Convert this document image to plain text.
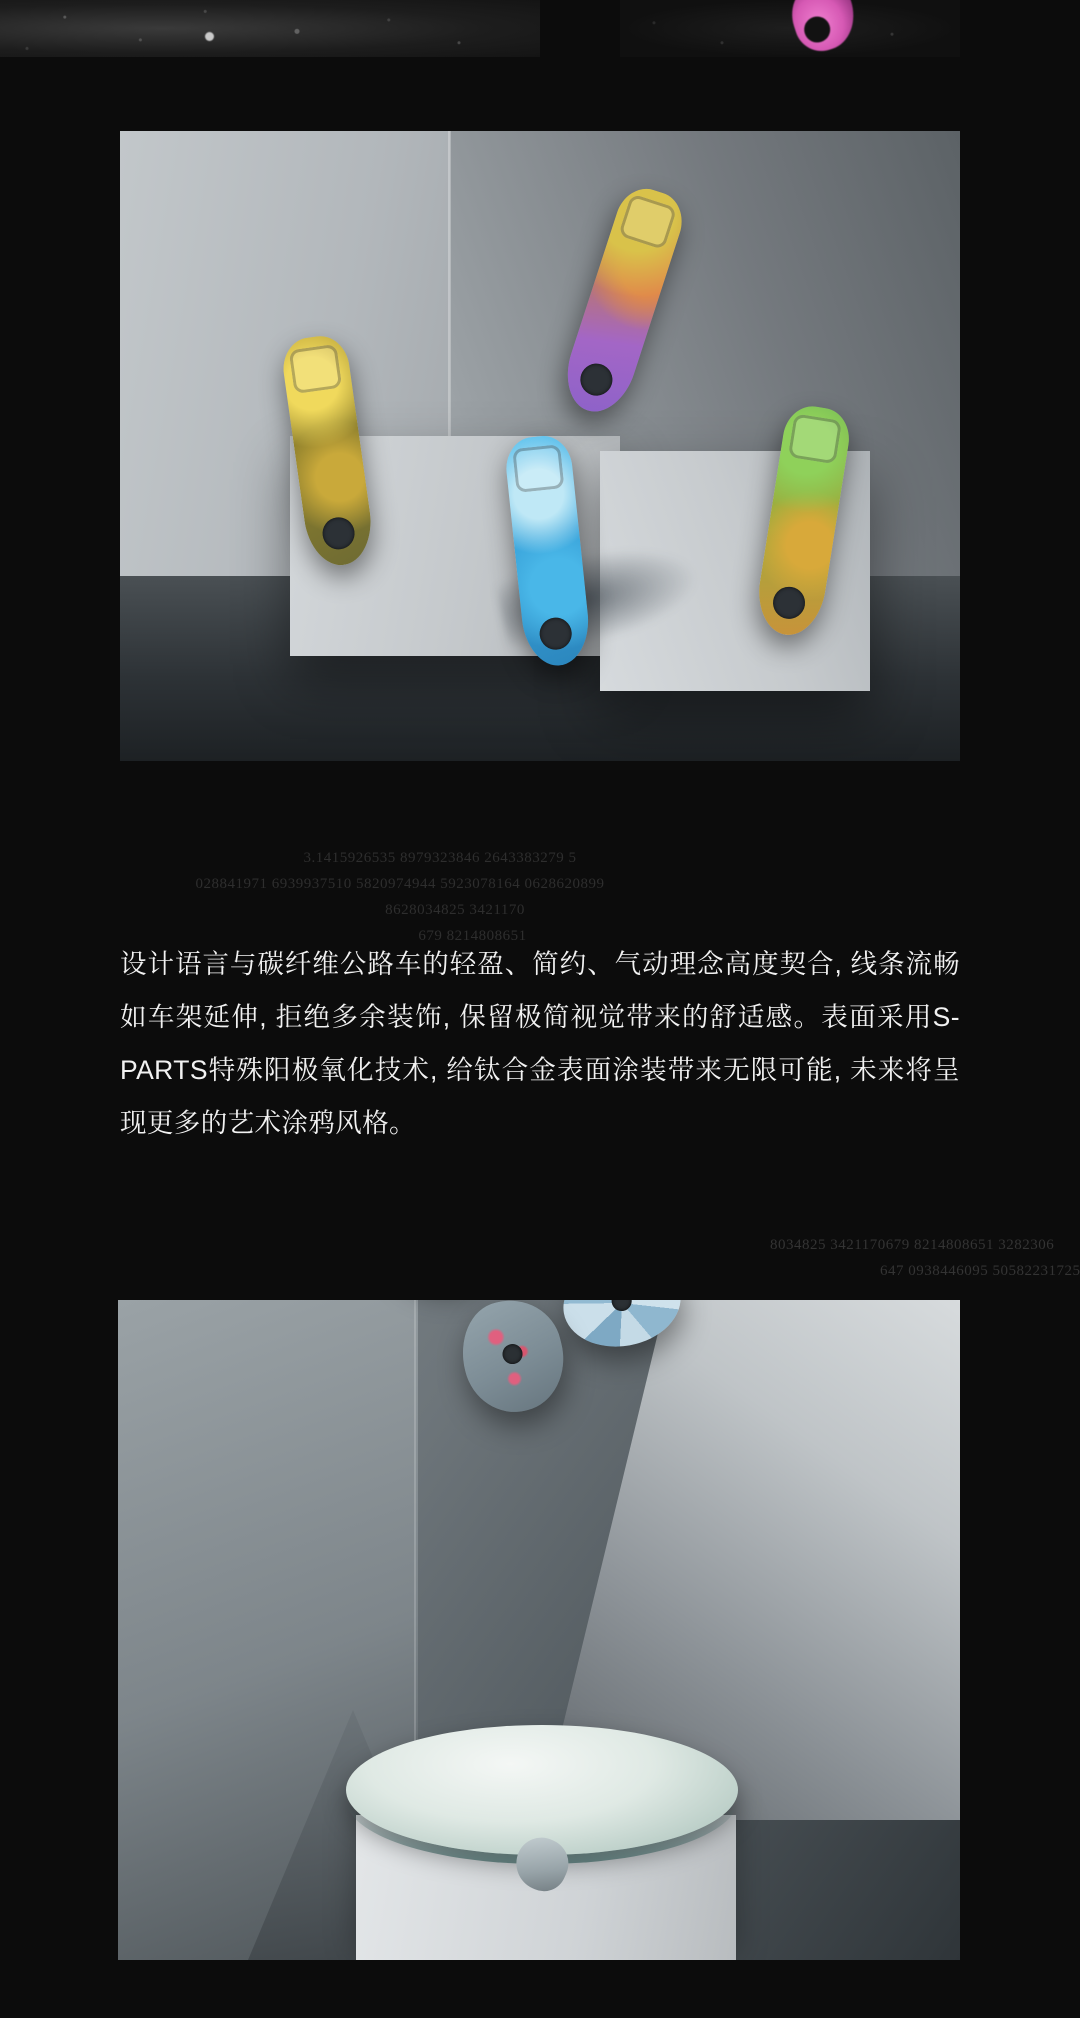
3.1415926535 8979323846 2643383279 5
028841971 6939937510 5820974944 5923078164 0628620899
8628034825 3421170
679 8214808651
设计语言与碳纤维公路车的轻盈、简约、气动理念高度契合, 线条流畅如车架延伸, 拒绝多余装饰, 保留极简视觉带来的舒适感。表面采用S-PARTS特殊阳极氧化技术, 给钛合金表面涂装带来无限可能, 未来将呈现更多的艺术涂鸦风格。
8034825 3421170679 8214808651 3282306
647 0938446095 50582231725
